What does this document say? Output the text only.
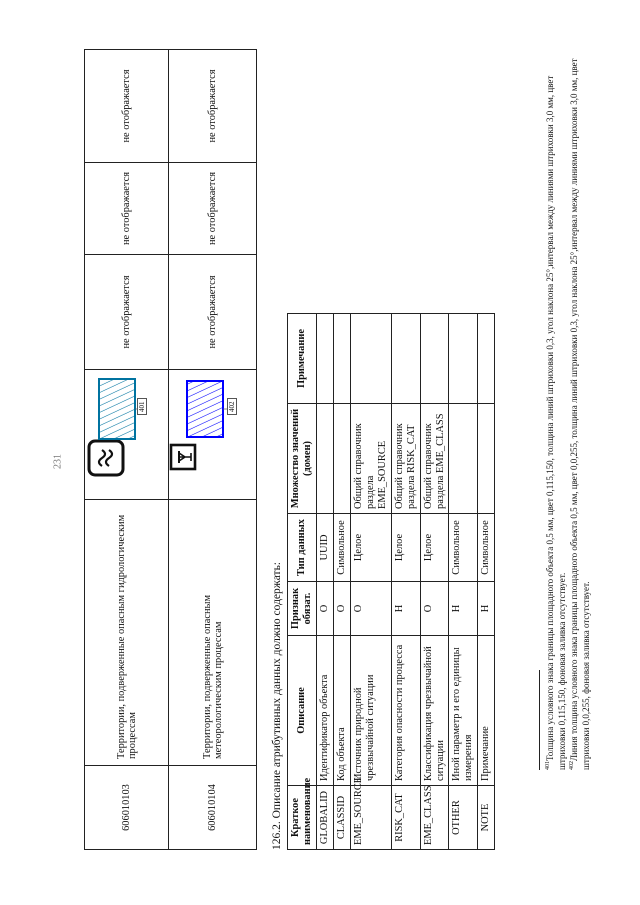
231
606010103	Территории, подверженные опасным гидрологическим процессам	401	не отображается	не отображается	не отображается
606010104	Территории, подверженные опасным метеорологическим процессам	402	не отображается	не отображается	не отображается
126.2. Описание атрибутивных данных должно содержать: Краткое наименование	Описание	Признак обязат.	Тип данных	Множество значений (домен)	Примечание
GLOBALID	Идентификатор объекта	О	UUID		
CLASSID	Код объекта	О	Символьное		
EME_SOURCE	Источник природной чрезвычайной ситуации	О	Целое	Общий справочник раздела EME_SOURCE	
RISK_CAT	Категория опасности процесса	Н	Целое	Общий справочник раздела RISK_CAT	
EME_CLASS	Классификация чрезвычайной ситуации	О	Целое	Общий справочник раздела EME_CLASS	
OTHER	Иной параметр и его единицы измерения	Н	Символьное		
NOTE	Примечание	Н	Символьное		
$^{401}$Толщина условного знака границы площадного объекта 0,5 мм, цвет 0,115,150, толщина линий штриховки 0,3, угол наклона 25°,интервал между линиями штриховки 3,0 мм, цвет штриховки 0,115,150, фоновая заливка отсутствует. $^{402}$Линия толщина условного знака границы площадного объекта 0,5 мм, цвет 0,0,255, толщина линий штриховки 0,3, угол наклона 25°,интервал между линиями штриховки 3,0 мм, цвет штриховки 0,0,255, фоновая заливка отсутствует.
